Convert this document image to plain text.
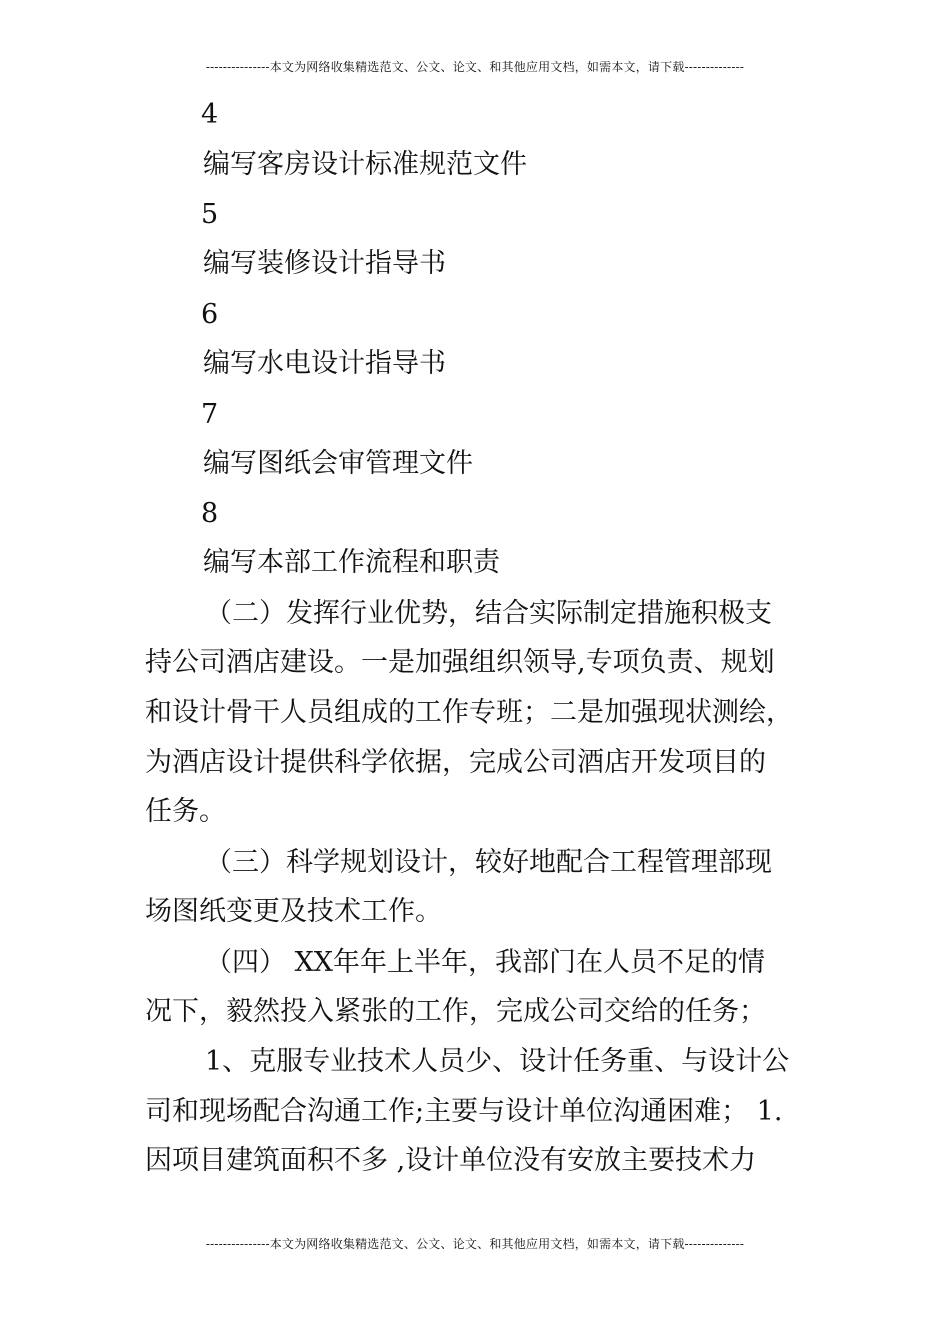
---------------本文为网络收集精选范文、公文、论文、和其他应用文档，如需本文，请下载--------------
4
编写客房设计标准规范文件
5
编写装修设计指导书
6
编写水电设计指导书
7
编写图纸会审管理文件
8
编写本部工作流程和职责
（二）发挥行业优势，结合实际制定措施积极支
持公司酒店建设。一是加强组织领导,专项负责、规划
和设计骨干人员组成的工作专班；二是加强现状测绘，
为酒店设计提供科学依据，完成公司酒店开发项目的
任务。
（三）科学规划设计，较好地配合工程管理部现
场图纸变更及技术工作。
（四） XX年年上半年，我部门在人员不足的情
况下，毅然投入紧张的工作，完成公司交给的任务；
1、克服专业技术人员少、设计任务重、与设计公
司和现场配合沟通工作;主要与设计单位沟通困难； 1.
因项目建筑面积不多 ,设计单位没有安放主要技术力
---------------本文为网络收集精选范文、公文、论文、和其他应用文档，如需本文，请下载--------------
